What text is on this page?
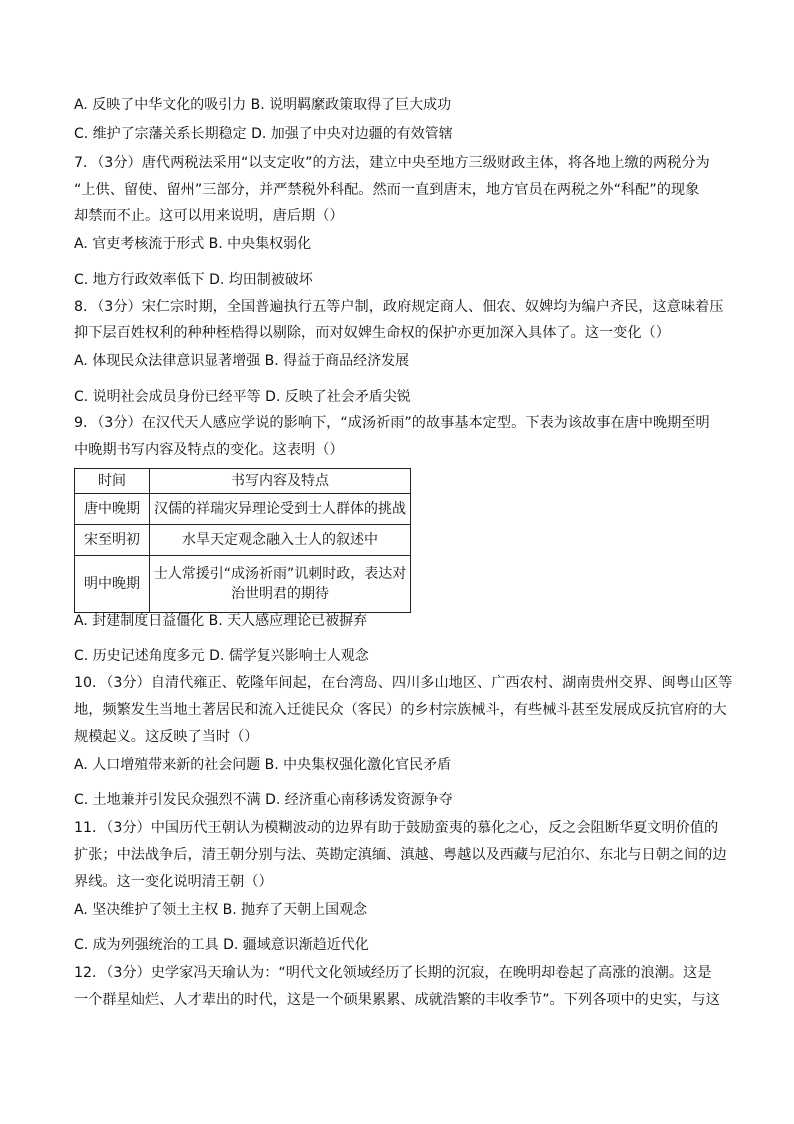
A. 反映了中华文化的吸引力 B. 说明羁縻政策取得了巨大成功
C. 维护了宗藩关系长期稳定 D. 加强了中央对边疆的有效管辖
7．（3分）唐代两税法采用“以支定收”的方法，建立中央至地方三级财政主体，将各地上缴的两税分为
“上供、留使、留州”三部分，并严禁税外科配。然而一直到唐末，地方官员在两税之外“科配”的现象
却禁而不止。这可以用来说明，唐后期（）
A. 官吏考核流于形式 B. 中央集权弱化
C. 地方行政效率低下 D. 均田制被破坏
8．（3分）宋仁宗时期，全国普遍执行五等户制，政府规定商人、佃农、奴婢均为编户齐民，这意味着压
抑下层百姓权利的种种桎梏得以剔除，而对奴婢生命权的保护亦更加深入具体了。这一变化（）
A. 体现民众法律意识显著增强 B. 得益于商品经济发展
C. 说明社会成员身份已经平等 D. 反映了社会矛盾尖锐
9．（3分）在汉代天人感应学说的影响下，“成汤祈雨”的故事基本定型。下表为该故事在唐中晚期至明
中晚期书写内容及特点的变化。这表明（）
时间	书写内容及特点
唐中晚期	汉儒的祥瑞灾异理论受到士人群体的挑战
宋至明初	水旱天定观念融入士人的叙述中
明中晚期	士人常援引“成汤祈雨”讥刺时政，表达对
治世明君的期待
A. 封建制度日益僵化 B. 天人感应理论已被摒弃
C. 历史记述角度多元 D. 儒学复兴影响士人观念
10．（3分）自清代雍正、乾隆年间起，在台湾岛、四川多山地区、广西农村、湖南贵州交界、闽粤山区等
地，频繁发生当地土著居民和流入迁徙民众（客民）的乡村宗族械斗，有些械斗甚至发展成反抗官府的大
规模起义。这反映了当时（）
A. 人口增殖带来新的社会问题 B. 中央集权强化激化官民矛盾
C. 土地兼并引发民众强烈不满 D. 经济重心南移诱发资源争夺
11．（3分）中国历代王朝认为模糊波动的边界有助于鼓励蛮夷的慕化之心，反之会阻断华夏文明价值的
扩张；中法战争后，清王朝分别与法、英勘定滇缅、滇越、粤越以及西藏与尼泊尔、东北与日朝之间的边
界线。这一变化说明清王朝（）
A. 坚决维护了领土主权 B. 抛弃了天朝上国观念
C. 成为列强统治的工具 D. 疆域意识渐趋近代化
12．（3分）史学家冯天瑜认为：“明代文化领域经历了长期的沉寂，在晚明却卷起了高涨的浪潮。这是
一个群星灿烂、人才辈出的时代，这是一个硕果累累、成就浩繁的丰收季节”。下列各项中的史实，与这
